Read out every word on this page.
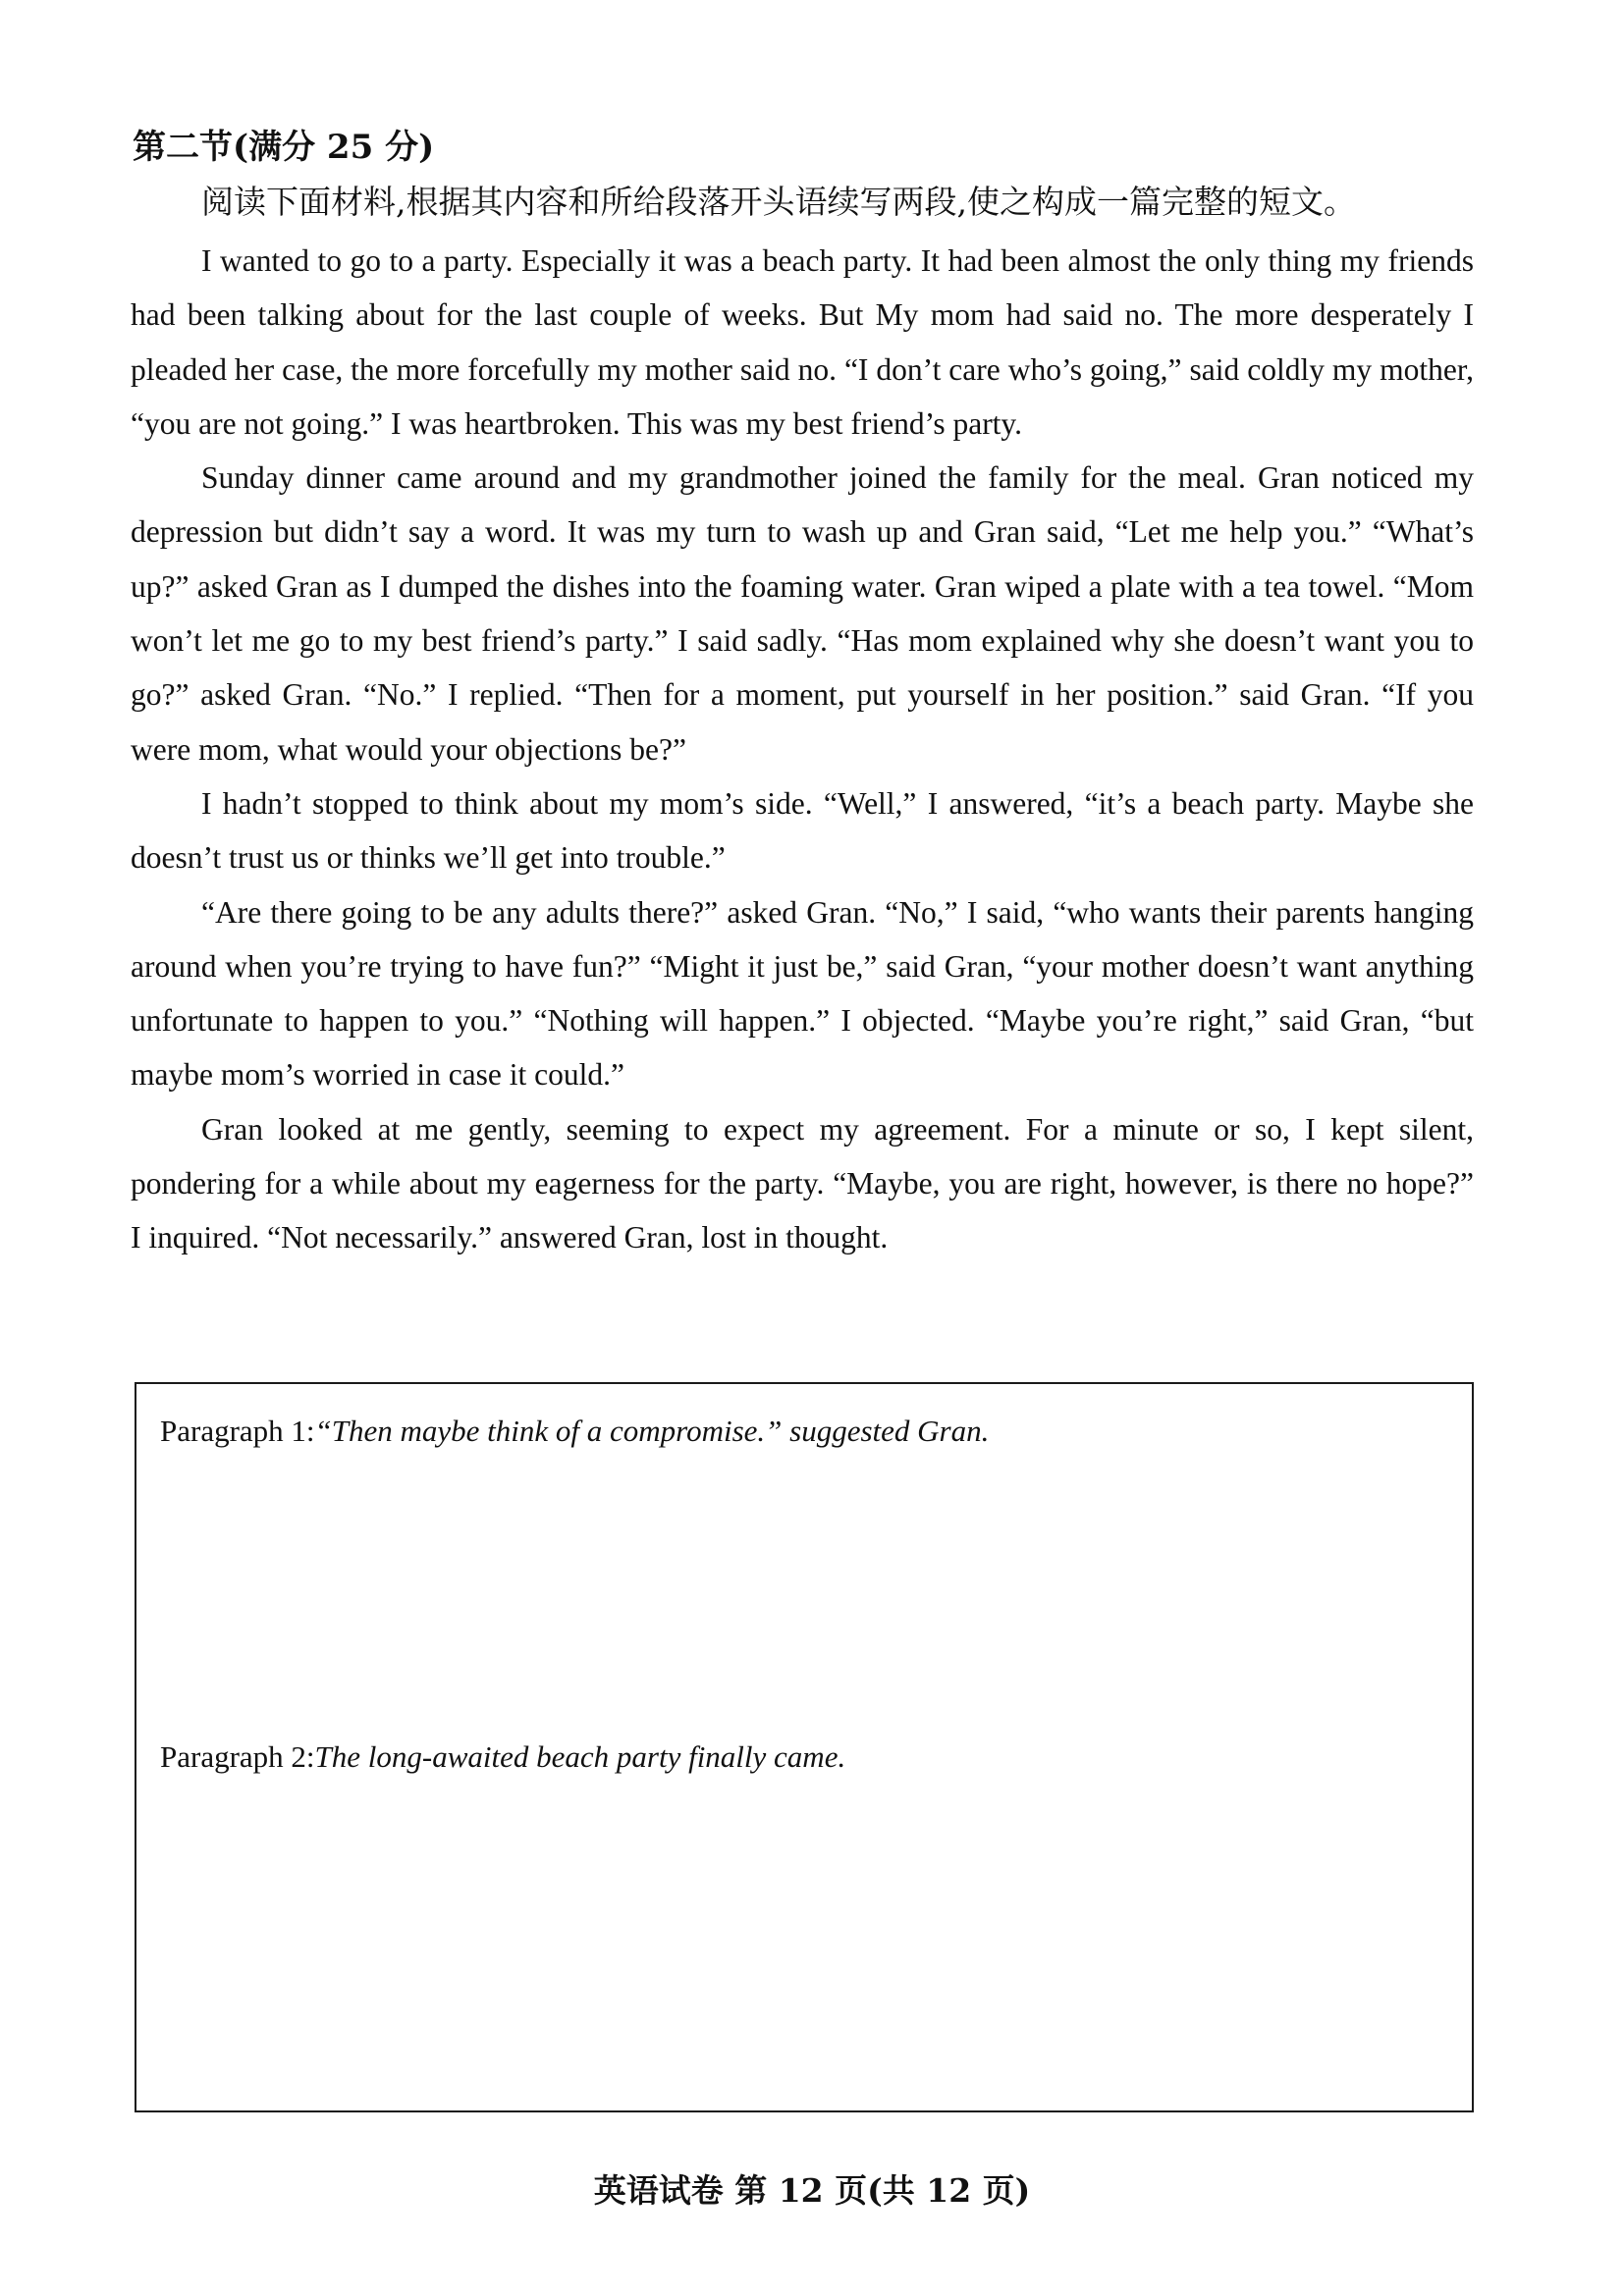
第二节(满分 25 分)
阅读下面材料,根据其内容和所给段落开头语续写两段,使之构成一篇完整的短文。

I wanted to go to a party. Especially it was a beach party. It had been almost the only thing my friends had been talking about for the last couple of weeks. But My mom had said no. The more desperately I pleaded her case, the more forcefully my mother said no. “I don’t care who’s going,” said coldly my mother, “you are not going.” I was heartbroken. This was my best friend’s party.

Sunday dinner came around and my grandmother joined the family for the meal. Gran noticed my depression but didn’t say a word. It was my turn to wash up and Gran said, “Let me help you.” “What’s up?” asked Gran as I dumped the dishes into the foaming water. Gran wiped a plate with a tea towel. “Mom won’t let me go to my best friend’s party.” I said sadly. “Has mom explained why she doesn’t want you to go?” asked Gran. “No.” I replied. “Then for a moment, put yourself in her position.” said Gran. “If you were mom, what would your objections be?”

I hadn’t stopped to think about my mom’s side. “Well,” I answered, “it’s a beach party. Maybe she doesn’t trust us or thinks we’ll get into trouble.”

“Are there going to be any adults there?” asked Gran. “No,” I said, “who wants their parents hanging around when you’re trying to have fun?” “Might it just be,” said Gran, “your mother doesn’t want anything unfortunate to happen to you.” “Nothing will happen.” I objected. “Maybe you’re right,” said Gran, “but maybe mom’s worried in case it could.”

Gran looked at me gently, seeming to expect my agreement. For a minute or so, I kept silent, pondering for a while about my eagerness for the party. “Maybe, you are right, however, is there no hope?” I inquired. “Not necessarily.” answered Gran, lost in thought.

Paragraph 1:“Then maybe think of a compromise.” suggested Gran.
Paragraph 2:The long-awaited beach party finally came.
英语试卷 第 12 页(共 12 页)
